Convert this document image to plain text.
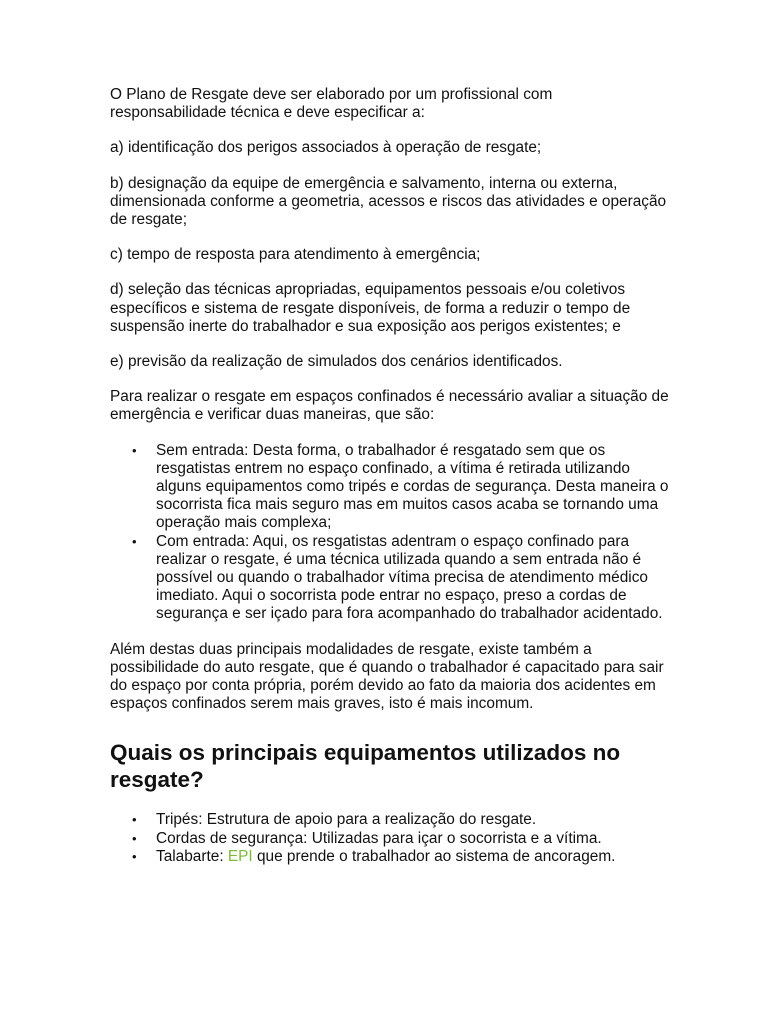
O Plano de Resgate deve ser elaborado por um profissional com responsabilidade técnica e deve especificar a:

a) identificação dos perigos associados à operação de resgate;

b) designação da equipe de emergência e salvamento, interna ou externa, dimensionada conforme a geometria, acessos e riscos das atividades e operação de resgate;

c) tempo de resposta para atendimento à emergência;

d) seleção das técnicas apropriadas, equipamentos pessoais e/ou coletivos específicos e sistema de resgate disponíveis, de forma a reduzir o tempo de suspensão inerte do trabalhador e sua exposição aos perigos existentes; e

e) previsão da realização de simulados dos cenários identificados.

Para realizar o resgate em espaços confinados é necessário avaliar a situação de emergência e verificar duas maneiras, que são:

• Sem entrada: Desta forma, o trabalhador é resgatado sem que os resgatistas entrem no espaço confinado, a vítima é retirada utilizando alguns equipamentos como tripés e cordas de segurança. Desta maneira o socorrista fica mais seguro mas em muitos casos acaba se tornando uma operação mais complexa;
• Com entrada: Aqui, os resgatistas adentram o espaço confinado para realizar o resgate, é uma técnica utilizada quando a sem entrada não é possível ou quando o trabalhador vítima precisa de atendimento médico imediato. Aqui o socorrista pode entrar no espaço, preso a cordas de segurança e ser içado para fora acompanhado do trabalhador acidentado.

Além destas duas principais modalidades de resgate, existe também a possibilidade do auto resgate, que é quando o trabalhador é capacitado para sair do espaço por conta própria, porém devido ao fato da maioria dos acidentes em espaços confinados serem mais graves, isto é mais incomum.

Quais os principais equipamentos utilizados no resgate?
• Tripés: Estrutura de apoio para a realização do resgate.
• Cordas de segurança: Utilizadas para içar o socorrista e a vítima.
• Talabarte: EPI que prende o trabalhador ao sistema de ancoragem.
